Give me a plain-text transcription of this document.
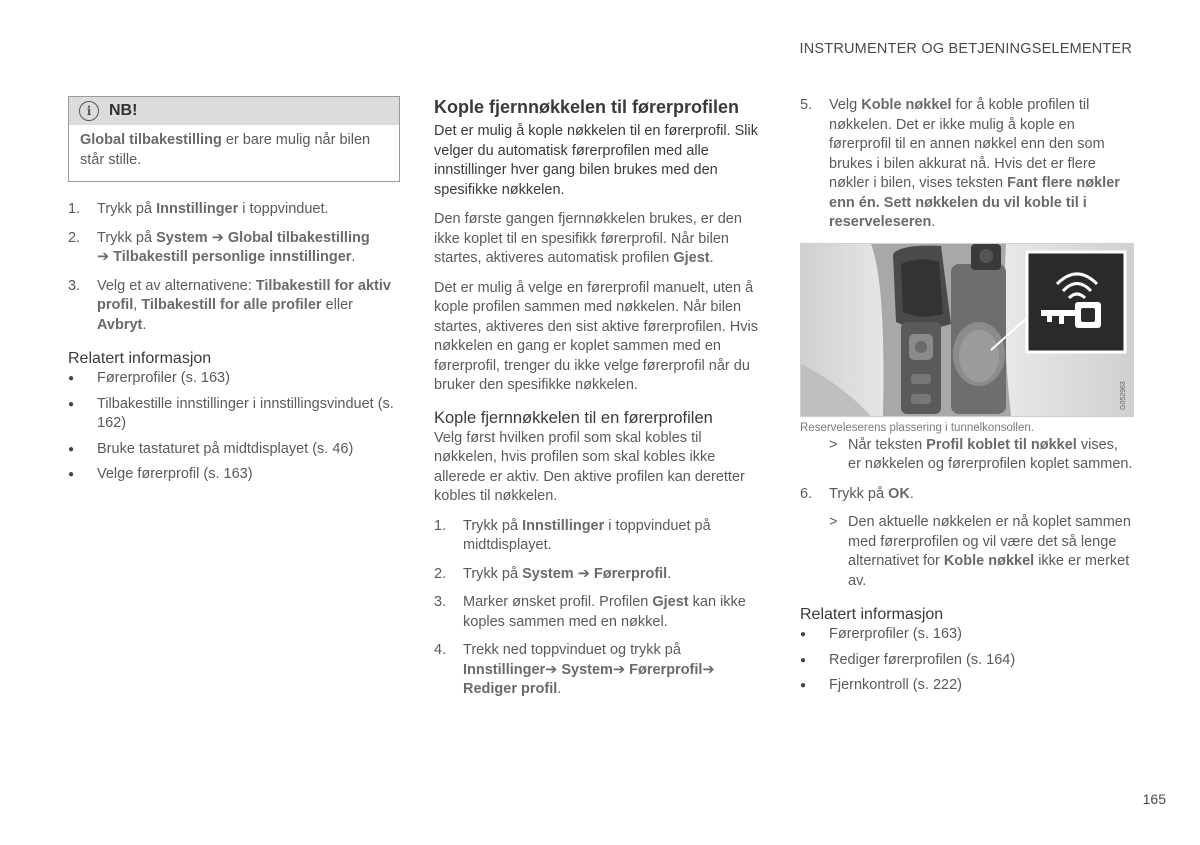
INSTRUMENTER OG BETJENINGSELEMENTER
i	NB!
Global tilbakestilling er bare mulig når bilen står stille.
1. Trykk på Innstillinger i toppvinduet.
2. Trykk på System ➔ Global tilbakestilling
➔ Tilbakestill personlige innstillinger.
3. Velg et av alternativene: Tilbakestill for aktiv profil, Tilbakestill for alle profiler eller Avbryt.
Relatert informasjon
● Førerprofiler (s. 163)
● Tilbakestille innstillinger i innstillingsvinduet (s. 162)
● Bruke tastaturet på midtdisplayet (s. 46)
● Velge førerprofil (s. 163)
Kople fjernnøkkelen til førerprofilen

Det er mulig å kople nøkkelen til en førerprofil. Slik velger du automatisk førerprofilen med alle innstillinger hver gang bilen brukes med den spesifikke nøkkelen.

Den første gangen fjernnøkkelen brukes, er den ikke koplet til en spesifikk førerprofil. Når bilen startes, aktiveres automatisk profilen Gjest.

Det er mulig å velge en førerprofil manuelt, uten å kople profilen sammen med nøkkelen. Når bilen startes, aktiveres den sist aktive førerprofilen. Hvis nøkkelen en gang er koplet sammen med en førerprofil, trenger du ikke velge førerprofil når du bruker den spesifikke nøkkelen.

Kople fjernnøkkelen til en førerprofilen

Velg først hvilken profil som skal kobles til nøkkelen, hvis profilen som skal kobles ikke allerede er aktiv. Den aktive profilen kan deretter kobles til nøkkelen.

1. Trykk på Innstillinger i toppvinduet på midtdisplayet.
2. Trykk på System ➔ Førerprofil.
3. Marker ønsket profil. Profilen Gjest kan ikke koples sammen med en nøkkel.
4. Trekk ned toppvinduet og trykk på
Innstillinger➔ System➔ Førerprofil➔
Rediger profil.
5. Velg Koble nøkkel for å koble profilen til nøkkelen. Det er ikke mulig å kople en førerprofil til en annen nøkkel enn den som brukes i bilen akkurat nå. Hvis det er flere nøkler i bilen, vises teksten Fant flere nøkler enn én. Sett nøkkelen du vil koble til i reserveleseren.
G052963
Reserveleserens plassering i tunnelkonsollen.
> Når teksten Profil koblet til nøkkel vises, er nøkkelen og førerprofilen koplet sammen.
6. Trykk på OK.
> Den aktuelle nøkkelen er nå koplet sammen med førerprofilen og vil være det så lenge alternativet for Koble nøkkel ikke er merket av.
Relatert informasjon
● Førerprofiler (s. 163)
● Rediger førerprofilen (s. 164)
● Fjernkontroll (s. 222)
165
